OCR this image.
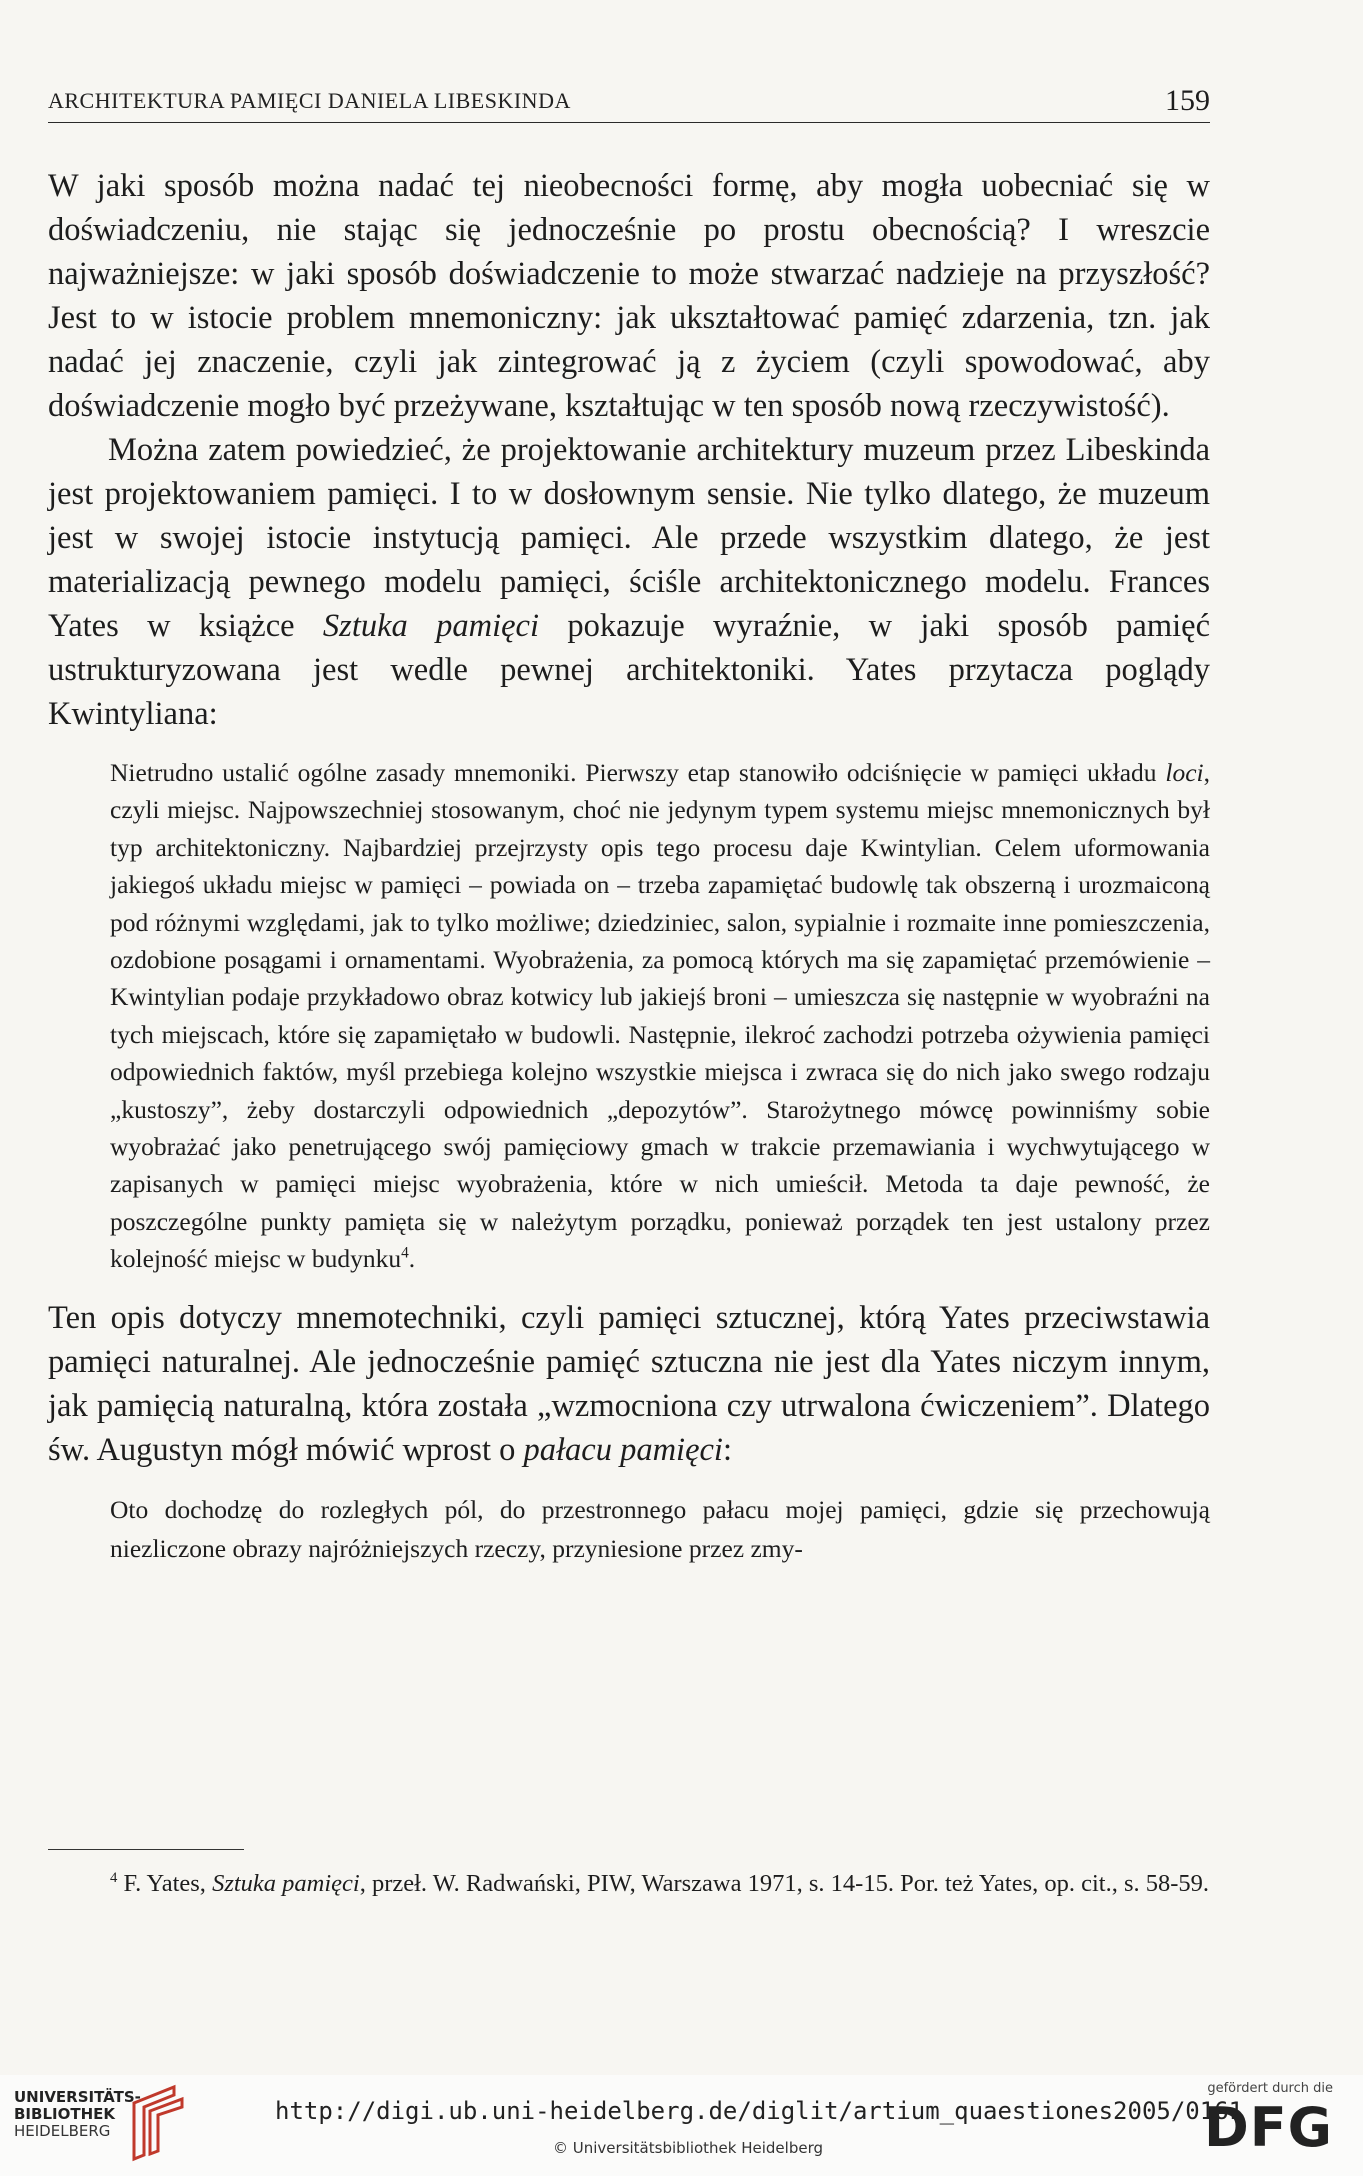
ARCHITEKTURA PAMIĘCI DANIELA LIBESKINDA	159

W jaki sposób można nadać tej nieobecności formę, aby mogła uobecniać się w doświadczeniu, nie stając się jednocześnie po prostu obecnością? I wreszcie najważniejsze: w jaki sposób doświadczenie to może stwarzać nadzieje na przyszłość? Jest to w istocie problem mnemoniczny: jak ukształtować pamięć zdarzenia, tzn. jak nadać jej znaczenie, czyli jak zintegrować ją z życiem (czyli spowodować, aby doświadczenie mogło być przeżywane, kształtując w ten sposób nową rzeczywistość).

Można zatem powiedzieć, że projektowanie architektury muzeum przez Libeskinda jest projektowaniem pamięci. I to w dosłownym sensie. Nie tylko dlatego, że muzeum jest w swojej istocie instytucją pamięci. Ale przede wszystkim dlatego, że jest materializacją pewnego modelu pamięci, ściśle architektonicznego modelu. Frances Yates w książce Sztuka pamięci pokazuje wyraźnie, w jaki sposób pamięć ustrukturyzowana jest wedle pewnej architektoniki. Yates przytacza poglądy Kwintyliana:

Nietrudno ustalić ogólne zasady mnemoniki. Pierwszy etap stanowiło odciśnięcie w pamięci układu loci, czyli miejsc. Najpowszechniej stosowanym, choć nie jedynym typem systemu miejsc mnemonicznych był typ architektoniczny. Najbardziej przejrzysty opis tego procesu daje Kwintylian. Celem uformowania jakiegoś układu miejsc w pamięci – powiada on – trzeba zapamiętać budowlę tak obszerną i urozmaiconą pod różnymi względami, jak to tylko możliwe; dziedziniec, salon, sypialnie i rozmaite inne pomieszczenia, ozdobione posągami i ornamentami. Wyobrażenia, za pomocą których ma się zapamiętać przemówienie – Kwintylian podaje przykładowo obraz kotwicy lub jakiejś broni – umieszcza się następnie w wyobraźni na tych miejscach, które się zapamiętało w budowli. Następnie, ilekroć zachodzi potrzeba ożywienia pamięci odpowiednich faktów, myśl przebiega kolejno wszystkie miejsca i zwraca się do nich jako swego rodzaju „kustoszy”, żeby dostarczyli odpowiednich „depozytów”. Starożytnego mówcę powinniśmy sobie wyobrażać jako penetrującego swój pamięciowy gmach w trakcie przemawiania i wychwytującego w zapisanych w pamięci miejsc wyobrażenia, które w nich umieścił. Metoda ta daje pewność, że poszczególne punkty pamięta się w należytym porządku, ponieważ porządek ten jest ustalony przez kolejność miejsc w budynku$^4$.

Ten opis dotyczy mnemotechniki, czyli pamięci sztucznej, którą Yates przeciwstawia pamięci naturalnej. Ale jednocześnie pamięć sztuczna nie jest dla Yates niczym innym, jak pamięcią naturalną, która została „wzmocniona czy utrwalona ćwiczeniem”. Dlatego św. Augustyn mógł mówić wprost o pałacu pamięci:

Oto dochodzę do rozległych pól, do przestronnego pałacu mojej pamięci, gdzie się przechowują niezliczone obrazy najróżniejszych rzeczy, przyniesione przez zmy-

$^4$ F. Yates, Sztuka pamięci, przeł. W. Radwański, PIW, Warszawa 1971, s. 14-15. Por. też Yates, op. cit., s. 58-59.

UNIVERSITÄTS-
BIBLIOTHEK
HEIDELBERG
http://digi.ub.uni-heidelberg.de/diglit/artium_quaestiones2005/0161
© Universitätsbibliothek Heidelberg
gefördert durch die
DFG
